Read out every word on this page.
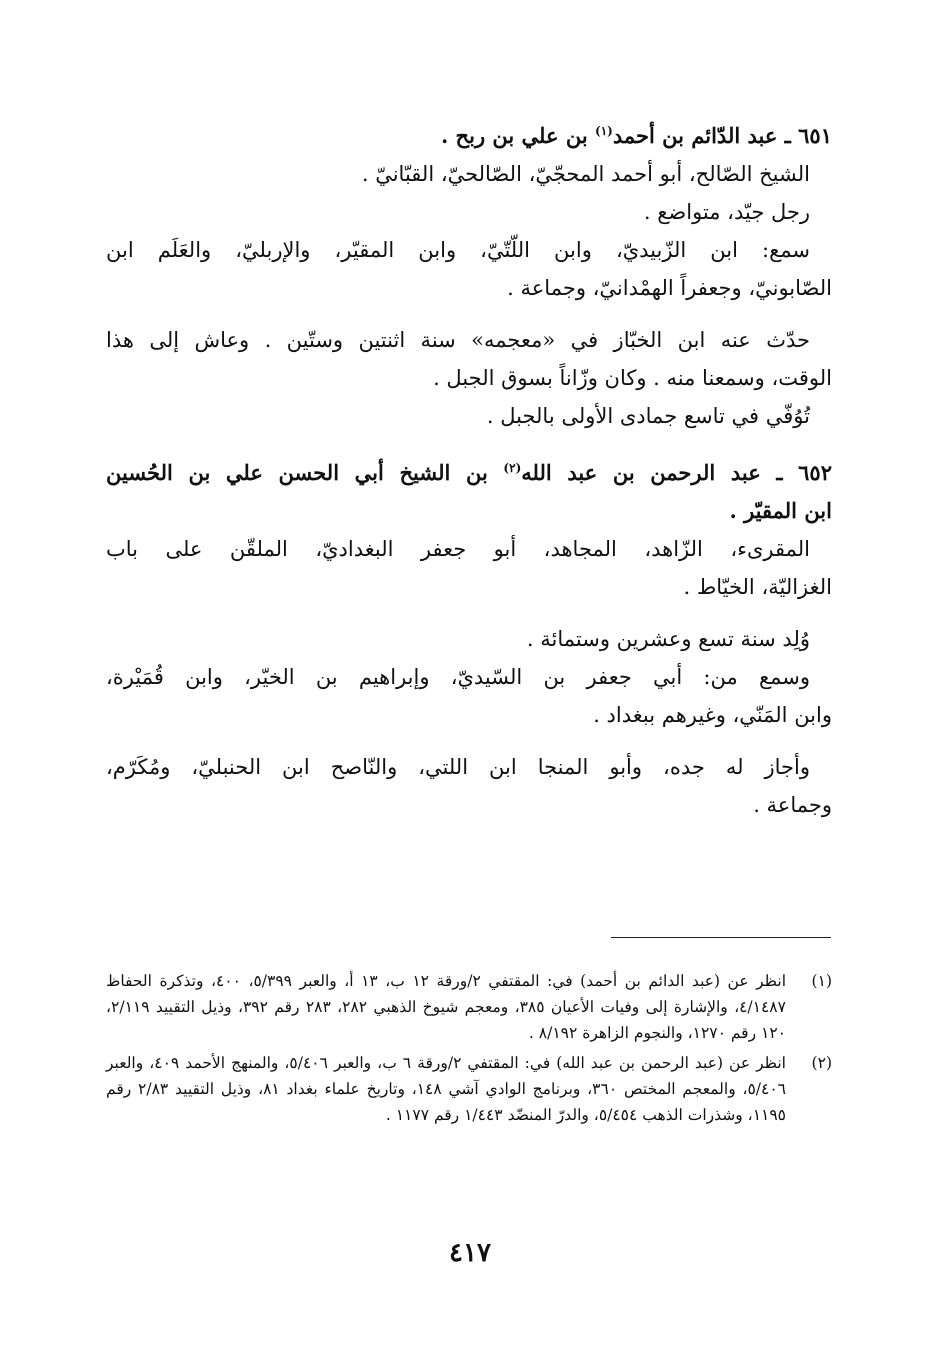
٦٥١ ـ عبد الدّائم بن أحمد$^{(١)}$ بن علي بن ربح .

الشيخ الصّالح، أبو أحمد المحجّيّ، الصّالحيّ، القبّانيّ .

رجل جيّد، متواضع .

سمع: ابن الزّبيديّ، وابن اللّتّيّ، وابن المقيّر، والإربليّ، والعَلَم ابن

الصّابونيّ، وجعفراً الهمْدانيّ، وجماعة .

حدّث عنه ابن الخبّاز في «معجمه» سنة اثنتين وستّين . وعاش إلى هذا

الوقت، وسمعنا منه . وكان وزّاناً بسوق الجبل .

تُوُفّي في تاسع جمادى الأولى بالجبل .

٦٥٢ ـ عبد الرحمن بن عبد الله$^{(٢)}$ بن الشيخ أبي الحسن علي بن الحُسين

ابن المقيّر .

المقرىء، الزّاهد، المجاهد، أبو جعفر البغداديّ، الملقّن على باب

الغزاليّة، الخيّاط .

وُلِد سنة تسع وعشرين وستمائة .

وسمع من: أبي جعفر بن السّيديّ، وإبراهيم بن الخيّر، وابن قُمَيْرة،

وابن المَنّي، وغيرهم ببغداد .

وأجاز له جده، وأبو المنجا ابن اللتي، والنّاصح ابن الحنبليّ، ومُكَرّم،

وجماعة .

(١)
انظر عن (عبد الدائم بن أحمد) في: المقتفي ٢/ورقة ١٢ ب، ١٣ أ، والعبر ٥/٣٩٩، ٤٠٠، وتذكرة الحفاظ ٤/١٤٨٧، والإشارة إلى وفيات الأعيان ٣٨٥، ومعجم شيوخ الذهبي ٢٨٢، ٢٨٣ رقم ٣٩٢، وذيل التقييد ٢/١١٩، ١٢٠ رقم ١٢٧٠، والنجوم الزاهرة ٨/١٩٢ .
(٢)
انظر عن (عبد الرحمن بن عبد الله) في: المقتفي ٢/ورقة ٦ ب، والعبر ٥/٤٠٦، والمنهج الأحمد ٤٠٩، والعبر ٥/٤٠٦، والمعجم المختص ٣٦٠، وبرنامج الوادي آشي ١٤٨، وتاريخ علماء بغداد ٨١، وذيل التقييد ٢/٨٣ رقم ١١٩٥، وشذرات الذهب ٥/٤٥٤، والدرّ المنضّد ١/٤٤٣ رقم ١١٧٧ .
٤١٧
